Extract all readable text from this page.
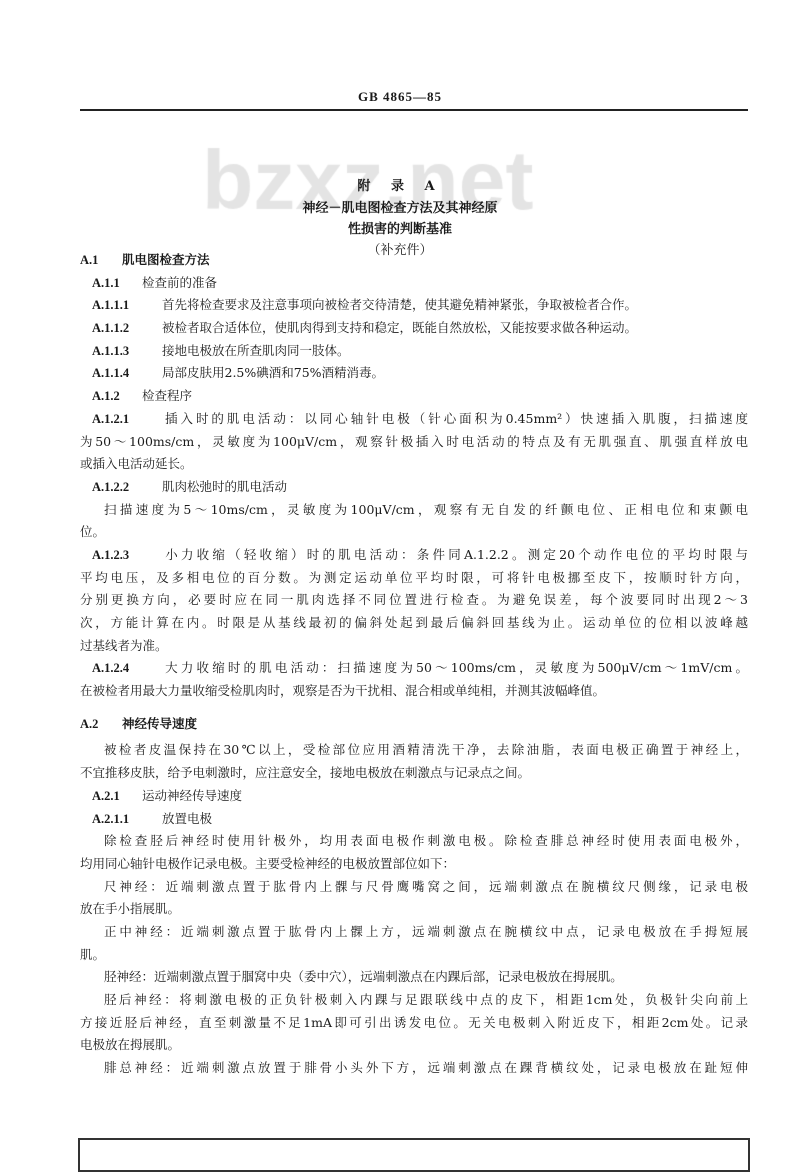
GB 4865—85
附 录 A
神经－肌电图检查方法及其神经原
性损害的判断基准
（补充件）
A.1 肌电图检查方法
A.1.1 检查前的准备
A.1.1.1	首先将检查要求及注意事项向被检者交待清楚，使其避免精神紧张，争取被检者合作。
A.1.1.2	被检者取合适体位，使肌肉得到支持和稳定，既能自然放松，又能按要求做各种运动。
A.1.1.3	接地电极放在所查肌肉同一肢体。
A.1.1.4	局部皮肤用2.5%碘酒和75%酒精消毒。
A.1.2 检查程序
A.1.2.1	插入时的肌电活动：以同心轴针电极（针心面积为0.45mm²）快速插入肌腹，扫描速度
为50～100ms/cm，灵敏度为100μV/cm，观察针极插入时电活动的特点及有无肌强直、肌强直样放电
或插入电活动延长。
A.1.2.2	肌肉松弛时的肌电活动
扫描速度为5～10ms/cm，灵敏度为100μV/cm，观察有无自发的纤颤电位、正相电位和束颤电
位。
A.1.2.3	小力收缩（轻收缩）时的肌电活动：条件同A.1.2.2。测定20个动作电位的平均时限与
平均电压，及多相电位的百分数。为测定运动单位平均时限，可将针电极挪至皮下，按顺时针方向，
分别更换方向，必要时应在同一肌肉选择不同位置进行检查。为避免误差，每个波要同时出现2～3
次，方能计算在内。时限是从基线最初的偏斜处起到最后偏斜回基线为止。运动单位的位相以波峰越
过基线者为准。
A.1.2.4	大力收缩时的肌电活动：扫描速度为50～100ms/cm，灵敏度为500μV/cm～1mV/cm。
在被检者用最大力量收缩受检肌肉时，观察是否为干扰相、混合相或单纯相，并测其波幅峰值。
A.2 神经传导速度
被检者皮温保持在30℃以上，受检部位应用酒精清洗干净，去除油脂，表面电极正确置于神经上，
不宜推移皮肤，给予电刺激时，应注意安全，接地电极放在刺激点与记录点之间。
A.2.1 运动神经传导速度
A.2.1.1	放置电极
除检查胫后神经时使用针极外，均用表面电极作刺激电极。除检查腓总神经时使用表面电极外，
均用同心轴针电极作记录电极。主要受检神经的电极放置部位如下：
尺神经：近端刺激点置于肱骨内上髁与尺骨鹰嘴窝之间，远端刺激点在腕横纹尺侧缘，记录电极
放在手小指展肌。
正中神经：近端刺激点置于肱骨内上髁上方，远端刺激点在腕横纹中点，记录电极放在手拇短展
肌。
胫神经：近端刺激点置于腘窝中央（委中穴），远端刺激点在内踝后部，记录电极放在拇展肌。
胫后神经：将刺激电极的正负针极刺入内踝与足跟联线中点的皮下，相距1cm处，负极针尖向前上
方接近胫后神经，直至刺激量不足1mA即可引出诱发电位。无关电极刺入附近皮下，相距2cm处。记录
电极放在拇展肌。
腓总神经：近端刺激点放置于腓骨小头外下方，远端刺激点在踝背横纹处，记录电极放在趾短伸
